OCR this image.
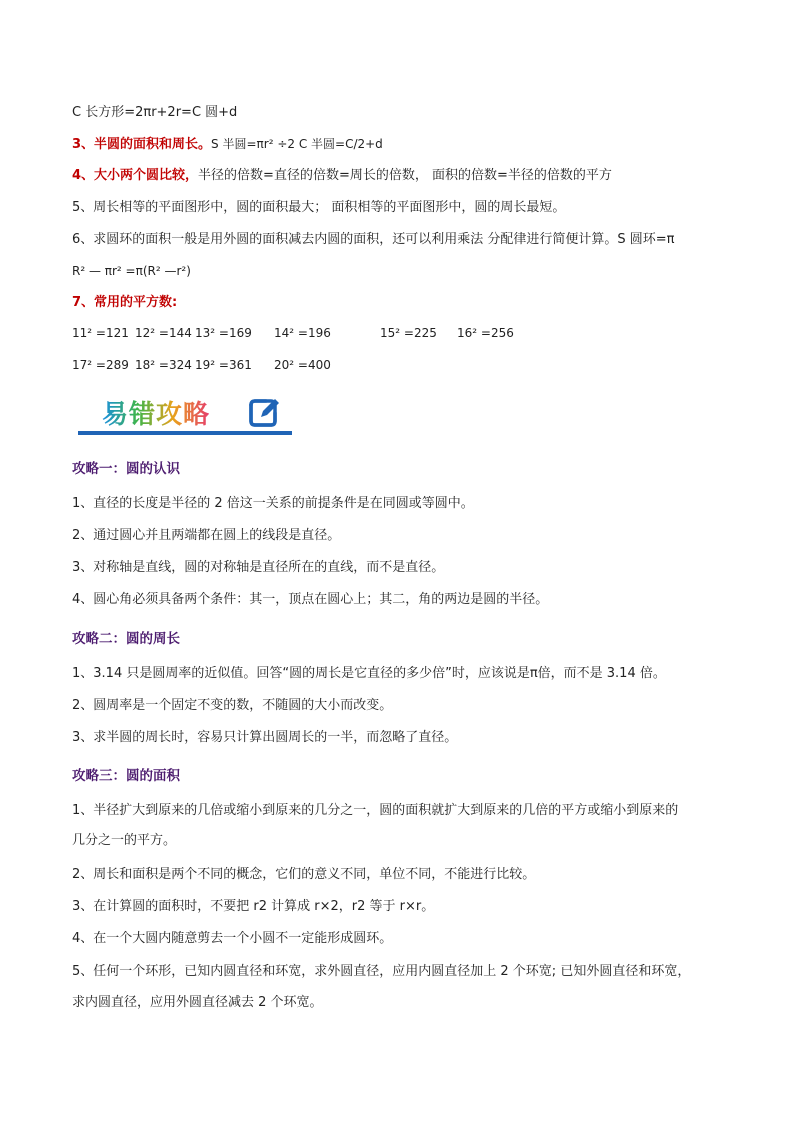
C 长方形=2πr+2r=C 圆+d
3、半圆的面积和周长。S 半圆=πr² ÷2 C 半圆=C/2+d
4、大小两个圆比较，半径的倍数=直径的倍数=周长的倍数， 面积的倍数=半径的倍数的平方
5、周长相等的平面图形中，圆的面积最大； 面积相等的平面图形中，圆的周长最短。
6、求圆环的面积一般是用外圆的面积减去内圆的面积，还可以利用乘法 分配律进行简便计算。S 圆环=π
R² — πr² =π(R² —r²)
7、常用的平方数:
11² =121 12² =144 13² =169 14² =196	15² =225 16² =256
17² =289 18² =324 19² =361 20² =400
易错攻略
攻略一：圆的认识
1、直径的长度是半径的 2 倍这一关系的前提条件是在同圆或等圆中。
2、通过圆心并且两端都在圆上的线段是直径。
3、对称轴是直线，圆的对称轴是直径所在的直线，而不是直径。
4、圆心角必须具备两个条件：其一，顶点在圆心上；其二，角的两边是圆的半径。
攻略二：圆的周长
1、3.14 只是圆周率的近似值。回答“圆的周长是它直径的多少倍”时，应该说是π倍，而不是 3.14 倍。
2、圆周率是一个固定不变的数，不随圆的大小而改变。
3、求半圆的周长时，容易只计算出圆周长的一半，而忽略了直径。
攻略三：圆的面积
1、半径扩大到原来的几倍或缩小到原来的几分之一，圆的面积就扩大到原来的几倍的平方或缩小到原来的
几分之一的平方。
2、周长和面积是两个不同的概念，它们的意义不同，单位不同，不能进行比较。
3、在计算圆的面积时，不要把 r2 计算成 r×2，r2 等于 r×r。
4、在一个大圆内随意剪去一个小圆不一定能形成圆环。
5、任何一个环形，已知内圆直径和环宽，求外圆直径，应用内圆直径加上 2 个环宽; 已知外圆直径和环宽，
求内圆直径，应用外圆直径减去 2 个环宽。
